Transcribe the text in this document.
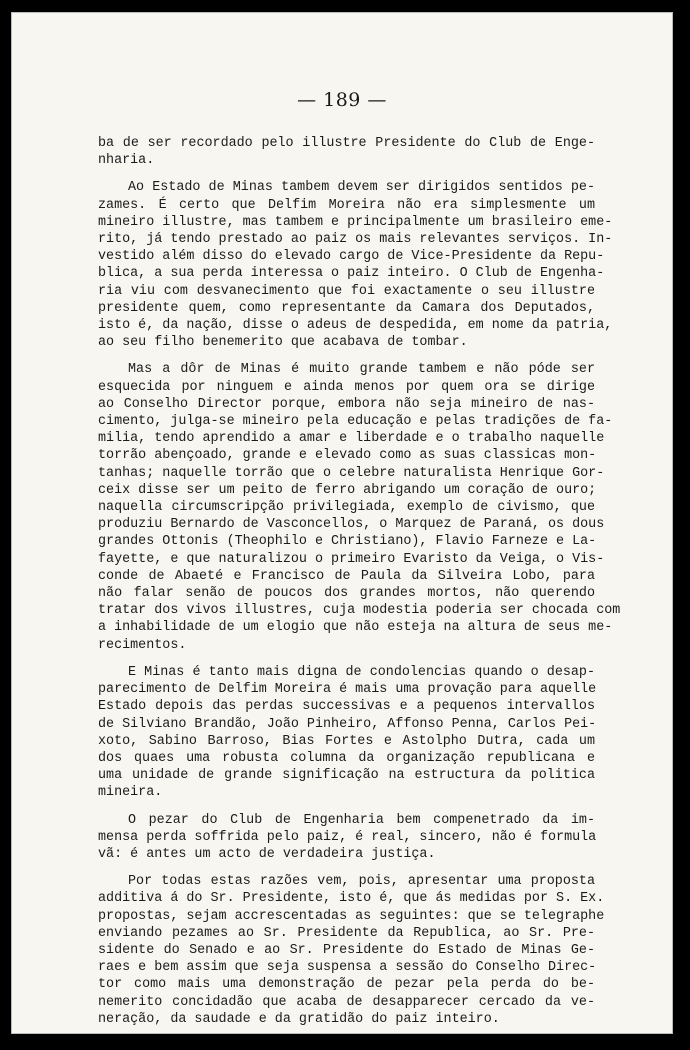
— 189 —
ba de ser recordado pelo illustre Presidente do Club de Enge-
nharia.
Ao Estado de Minas tambem devem ser dirigidos sentidos pe-
zames. É certo que Delfim Moreira não era simplesmente um
mineiro illustre, mas tambem e principalmente um brasileiro eme-
rito, já tendo prestado ao paiz os mais relevantes serviços. In-
vestido além disso do elevado cargo de Vice-Presidente da Repu-
blica, a sua perda interessa o paiz inteiro. O Club de Engenha-
ria viu com desvanecimento que foi exactamente o seu illustre
presidente quem, como representante da Camara dos Deputados,
isto é, da nação, disse o adeus de despedida, em nome da patria,
ao seu filho benemerito que acabava de tombar.
Mas a dôr de Minas é muito grande tambem e não póde ser
esquecida por ninguem e ainda menos por quem ora se dirige
ao Conselho Director porque, embora não seja mineiro de nas-
cimento, julga-se mineiro pela educação e pelas tradições de fa-
milia, tendo aprendido a amar e liberdade e o trabalho naquelle
torrão abençoado, grande e elevado como as suas classicas mon-
tanhas; naquelle torrão que o celebre naturalista Henrique Gor-
ceix disse ser um peito de ferro abrigando um coração de ouro;
naquella circumscripção privilegiada, exemplo de civismo, que
produziu Bernardo de Vasconcellos, o Marquez de Paraná, os dous
grandes Ottonis (Theophilo e Christiano), Flavio Farneze e La-
fayette, e que naturalizou o primeiro Evaristo da Veiga, o Vis-
conde de Abaeté e Francisco de Paula da Silveira Lobo, para
não falar senão de poucos dos grandes mortos, não querendo
tratar dos vivos illustres, cuja modestia poderia ser chocada com
a inhabilidade de um elogio que não esteja na altura de seus me-
recimentos.
E Minas é tanto mais digna de condolencias quando o desap-
parecimento de Delfim Moreira é mais uma provação para aquelle
Estado depois das perdas successivas e a pequenos intervallos
de Silviano Brandão, João Pinheiro, Affonso Penna, Carlos Pei-
xoto, Sabino Barroso, Bias Fortes e Astolpho Dutra, cada um
dos quaes uma robusta columna da organização republicana e
uma unidade de grande significação na estructura da politica
mineira.
O pezar do Club de Engenharia bem compenetrado da im-
mensa perda soffrida pelo paiz, é real, sincero, não é formula
vã: é antes um acto de verdadeira justiça.
Por todas estas razões vem, pois, apresentar uma proposta
additiva á do Sr. Presidente, isto é, que ás medidas por S. Ex.
propostas, sejam accrescentadas as seguintes: que se telegraphe
enviando pezames ao Sr. Presidente da Republica, ao Sr. Pre-
sidente do Senado e ao Sr. Presidente do Estado de Minas Ge-
raes e bem assim que seja suspensa a sessão do Conselho Direc-
tor como mais uma demonstração de pezar pela perda do be-
nemerito concidadão que acaba de desapparecer cercado da ve-
neração, da saudade e da gratidão do paiz inteiro.
